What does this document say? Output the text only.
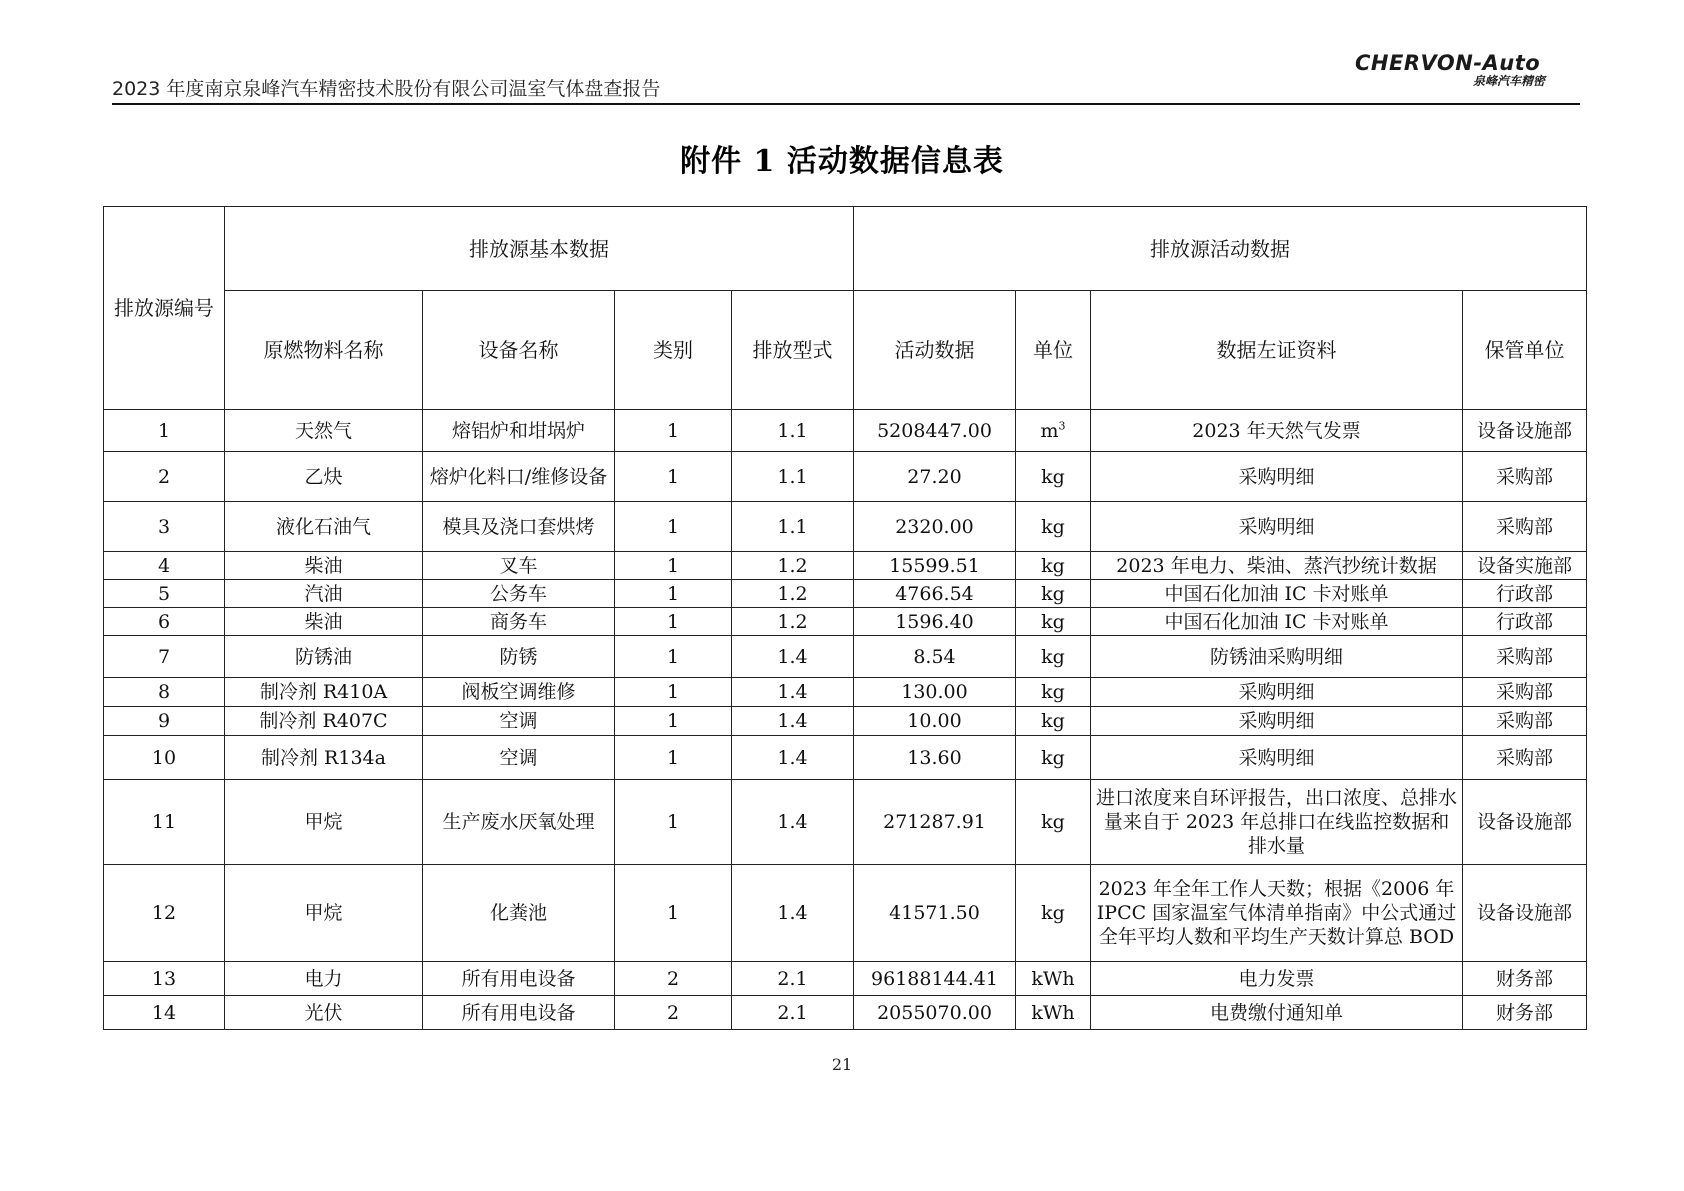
2023 年度南京泉峰汽车精密技术股份有限公司温室气体盘查报告
CHERVON-Auto
泉峰汽车精密
附件 1 活动数据信息表
排放源编号	排放源基本数据				排放源活动数据			
	原燃物料名称	设备名称	类别	排放型式	活动数据	单位	数据左证资料	保管单位
1	天然气	熔铝炉和坩埚炉	1	1.1	5208447.00	$m^3$	2023 年天然气发票	设备设施部
2	乙炔	熔炉化料口/维修设备	1	1.1	27.20	kg	采购明细	采购部
3	液化石油气	模具及浇口套烘烤	1	1.1	2320.00	kg	采购明细	采购部
4	柴油	叉车	1	1.2	15599.51	kg	2023 年电力、柴油、蒸汽抄统计数据	设备实施部
5	汽油	公务车	1	1.2	4766.54	kg	中国石化加油 IC 卡对账单	行政部
6	柴油	商务车	1	1.2	1596.40	kg	中国石化加油 IC 卡对账单	行政部
7	防锈油	防锈	1	1.4	8.54	kg	防锈油采购明细	采购部
8	制冷剂 R410A	阀板空调维修	1	1.4	130.00	kg	采购明细	采购部
9	制冷剂 R407C	空调	1	1.4	10.00	kg	采购明细	采购部
10	制冷剂 R134a	空调	1	1.4	13.60	kg	采购明细	采购部
11	甲烷	生产废水厌氧处理	1	1.4	271287.91	kg	进口浓度来自环评报告，出口浓度、总排水量来自于 2023 年总排口在线监控数据和排水量	设备设施部
12	甲烷	化粪池	1	1.4	41571.50	kg	2023 年全年工作人天数；根据《2006 年 IPCC 国家温室气体清单指南》中公式通过全年平均人数和平均生产天数计算总 BOD	设备设施部
13	电力	所有用电设备	2	2.1	96188144.41	kWh	电力发票	财务部
14	光伏	所有用电设备	2	2.1	2055070.00	kWh	电费缴付通知单	财务部
21
